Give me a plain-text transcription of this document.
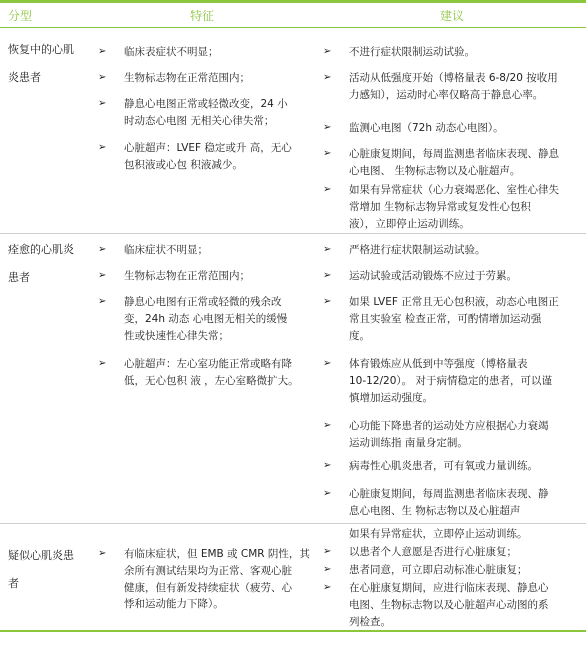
分型	特征	建议
恢复中的心肌
炎患者
痊愈的心肌炎
患者
疑似心肌炎患
者
如果有异常症状，立即停止运动训练。
➢ 临床表症状不明显；
➢ 生物标志物在正常范围内；
➢ 静息心电图正常或轻微改变，24 小
时动态心电图 无相关心律失常；
➢ 心脏超声：LVEF 稳定或升 高，无心
包积液或心包 积液减少。
➢ 不进行症状限制运动试验。
➢ 活动从低强度开始（博格量表 6-8/20 按收用
力感知），运动时心率仅略高于静息心率。
➢ 监测心电图（72h 动态心电图）。
➢ 心脏康复期间，每周监测患者临床表现、静息
心电图、 生物标志物以及心脏超声。
➢ 如果有异常症状（心力衰竭恶化、室性心律失
常增加 生物标志物异常或复发性心包积
液），立即停止运动训练。
➢ 临床症状不明显；
➢ 生物标志物在正常范围内；
➢ 静息心电图有正常或轻微的残余改
变，24h 动态 心电图无相关的缓慢
性或快速性心律失常；
➢ 心脏超声：左心室功能正常或略有降
低，无心包积 液 ，左心室略微扩大。
➢ 严格进行症状限制运动试验。
➢ 运动试验或活动锻炼不应过于劳累。
➢ 如果 LVEF 正常且无心包积液，动态心电图正
常且实验室 检查正常，可酌情增加运动强
度。
➢ 体育锻炼应从低到中等强度（博格量表
10-12/20）。 对于病情稳定的患者，可以谨
慎增加运动强度。
➢ 心功能下降患者的运动处方应根据心力衰竭
运动训练指 南量身定制。
➢ 病毒性心肌炎患者，可有氧或力量训练。
➢ 心脏康复期间，每周监测患者临床表现、静
息心电图、生 物标志物以及心脏超声
➢ 有临床症状，但 EMB 或 CMR 阴性，其
余所有测试结果均为正常、客观心脏
健康，但有新发持续症状（疲劳、心
悸和运动能力下降）。
➢ 以患者个人意愿是否进行心脏康复；
➢ 患者同意，可立即启动标准心脏康复；
➢ 在心脏康复期间，应进行临床表现、静息心
电图、生物标志物以及心脏超声心动图的系
列检查。
